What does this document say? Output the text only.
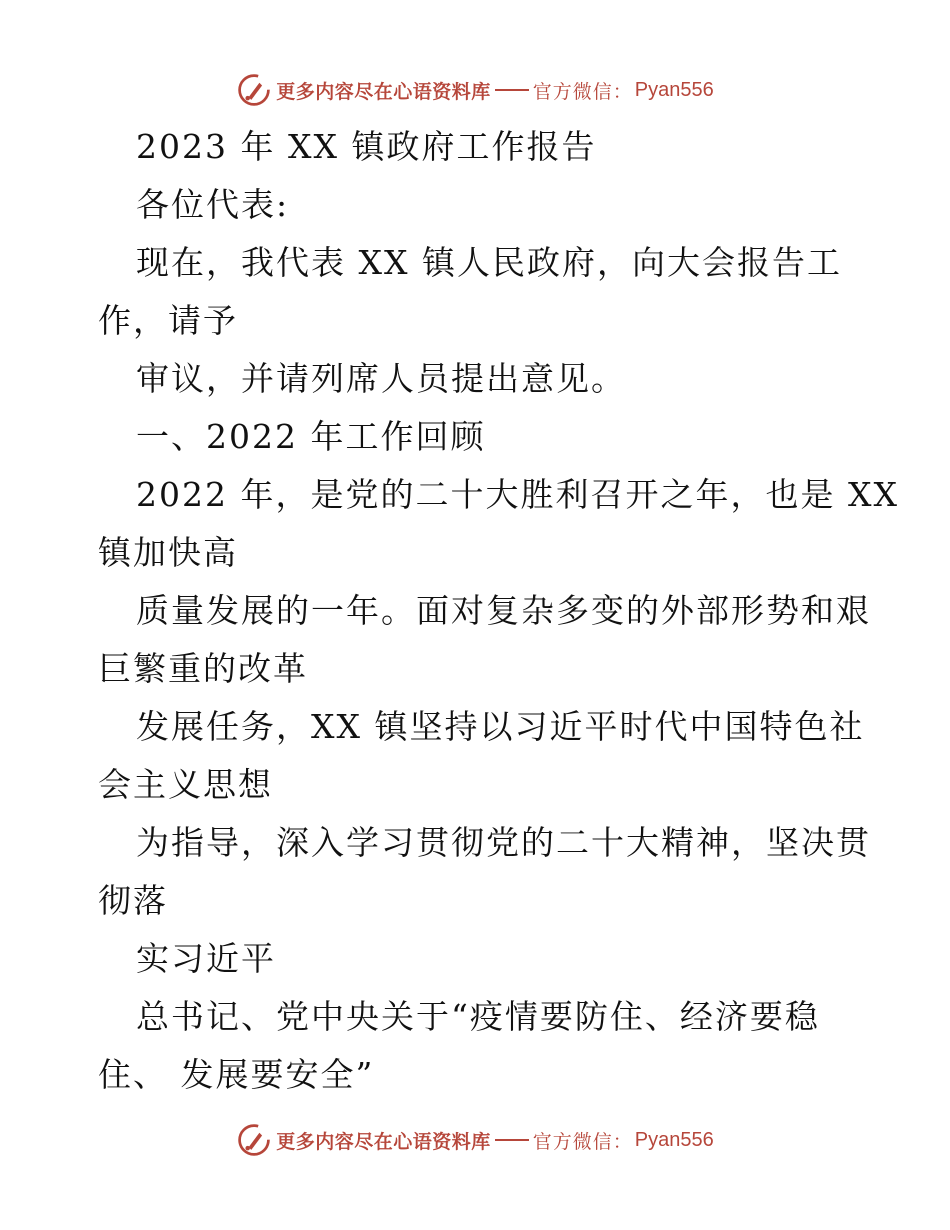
更多内容尽在心语资料库 官方微信： Pyan556
2023 年 XX 镇政府工作报告
各位代表:
现在，我代表 XX 镇人民政府，向大会报告工
作，请予
审议，并请列席人员提出意见。
一、2022 年工作回顾
2022 年，是党的二十大胜利召开之年，也是 XX
镇加快高
质量发展的一年。面对复杂多变的外部形势和艰
巨繁重的改革
发展任务，XX 镇坚持以习近平时代中国特色社
会主义思想
为指导，深入学习贯彻党的二十大精神，坚决贯
彻落
实习近平
总书记、党中央关于“疫情要防住、经济要稳
住、 发展要安全”
更多内容尽在心语资料库 官方微信： Pyan556
